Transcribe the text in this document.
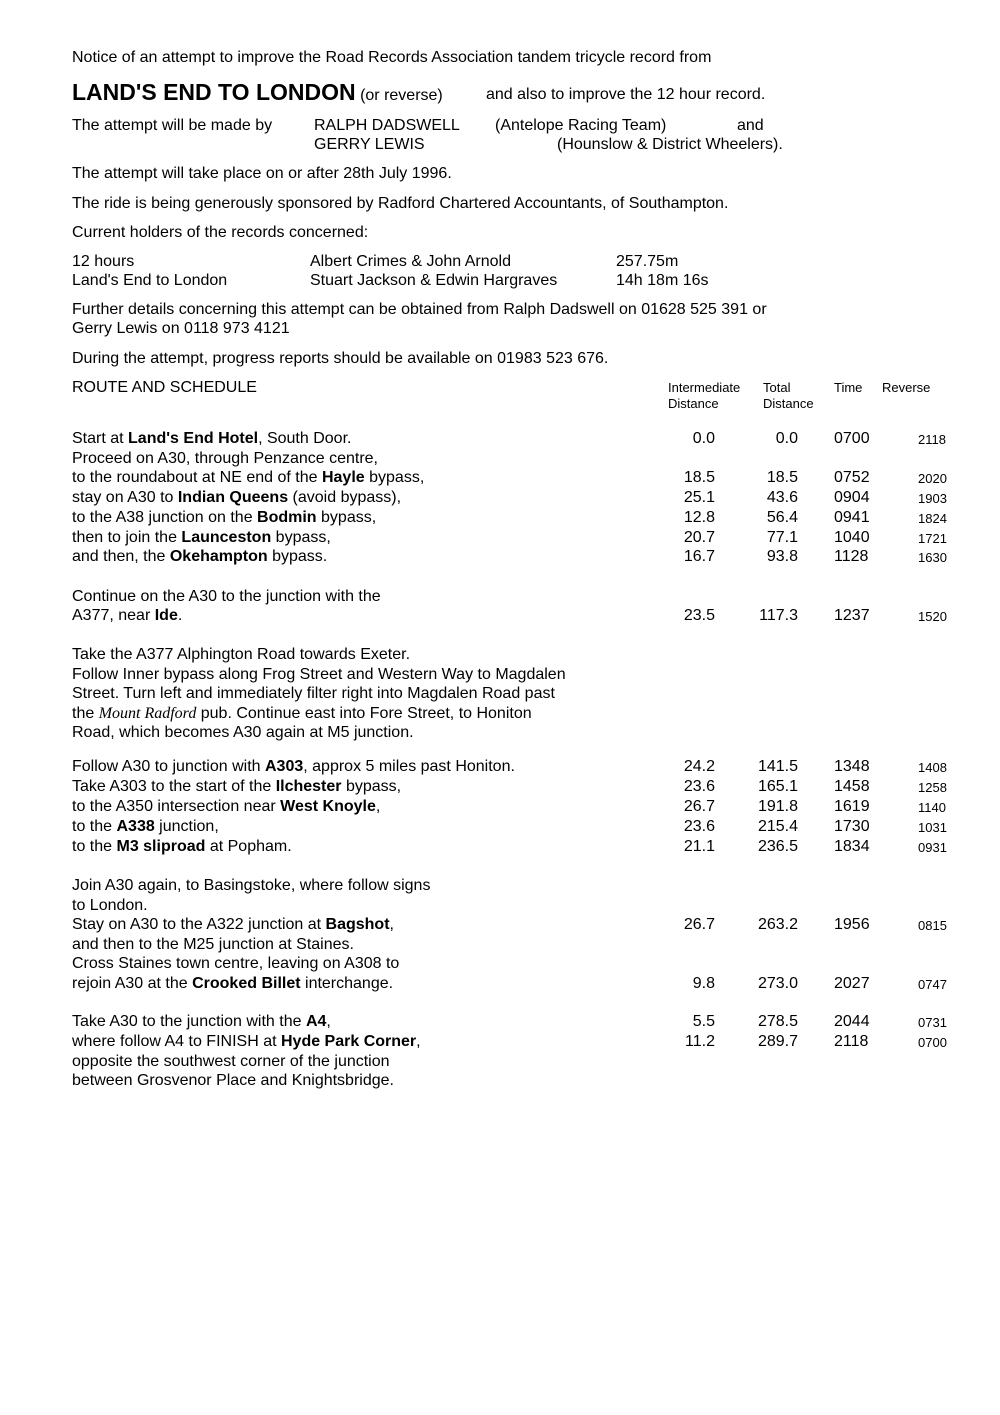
Notice of an attempt to improve the Road Records Association tandem tricycle record from
LAND'S END TO LONDON (or reverse)	and also to improve the 12 hour record.
The attempt will be made by	RALPH DADSWELL (Antelope Racing Team)	and
GERRY LEWIS	(Hounslow & District Wheelers).
The attempt will take place on or after 28th July 1996.
The ride is being generously sponsored by Radford Chartered Accountants, of Southampton.
Current holders of the records concerned:
12 hours	Albert Crimes & John Arnold	257.75m
Land's End to London	Stuart Jackson & Edwin Hargraves	14h 18m 16s
Further details concerning this attempt can be obtained from Ralph Dadswell on 01628 525 391 or
Gerry Lewis on 0118 973 4121
During the attempt, progress reports should be available on 01983 523 676.
ROUTE AND SCHEDULE	Intermediate
Distance
Total
Distance
Time Reverse
Start at Land's End Hotel, South Door.	0.0	0.0 0700	2118
Proceed on A30, through Penzance centre,
to the roundabout at NE end of the Hayle bypass,	18.5	18.5 0752	2020
stay on A30 to Indian Queens (avoid bypass),	25.1	43.6 0904	1903
to the A38 junction on the Bodmin bypass,	12.8	56.4 0941	1824
then to join the Launceston bypass,	20.7	77.1 1040	1721
and then, the Okehampton bypass.	16.7	93.8 1128	1630
Continue on the A30 to the junction with the
A377, near Ide.	23.5	117.3 1237	1520
Take the A377 Alphington Road towards Exeter.
Follow Inner bypass along Frog Street and Western Way to Magdalen
Street. Turn left and immediately filter right into Magdalen Road past
the Mount Radford pub. Continue east into Fore Street, to Honiton
Road, which becomes A30 again at M5 junction.
Follow A30 to junction with A303, approx 5 miles past Honiton.	24.2	141.5 1348	1408
Take A303 to the start of the Ilchester bypass,	23.6	165.1 1458	1258
to the A350 intersection near West Knoyle,	26.7	191.8 1619	1140
to the A338 junction,	23.6	215.4 1730	1031
to the M3 sliproad at Popham.	21.1	236.5 1834	0931
Join A30 again, to Basingstoke, where follow signs
to London.
Stay on A30 to the A322 junction at Bagshot,	26.7	263.2 1956	0815
and then to the M25 junction at Staines.
Cross Staines town centre, leaving on A308 to
rejoin A30 at the Crooked Billet interchange.	9.8	273.0 2027	0747
Take A30 to the junction with the A4,	5.5	278.5 2044	0731
where follow A4 to FINISH at Hyde Park Corner,	11.2	289.7 2118	0700
opposite the southwest corner of the junction
between Grosvenor Place and Knightsbridge.
